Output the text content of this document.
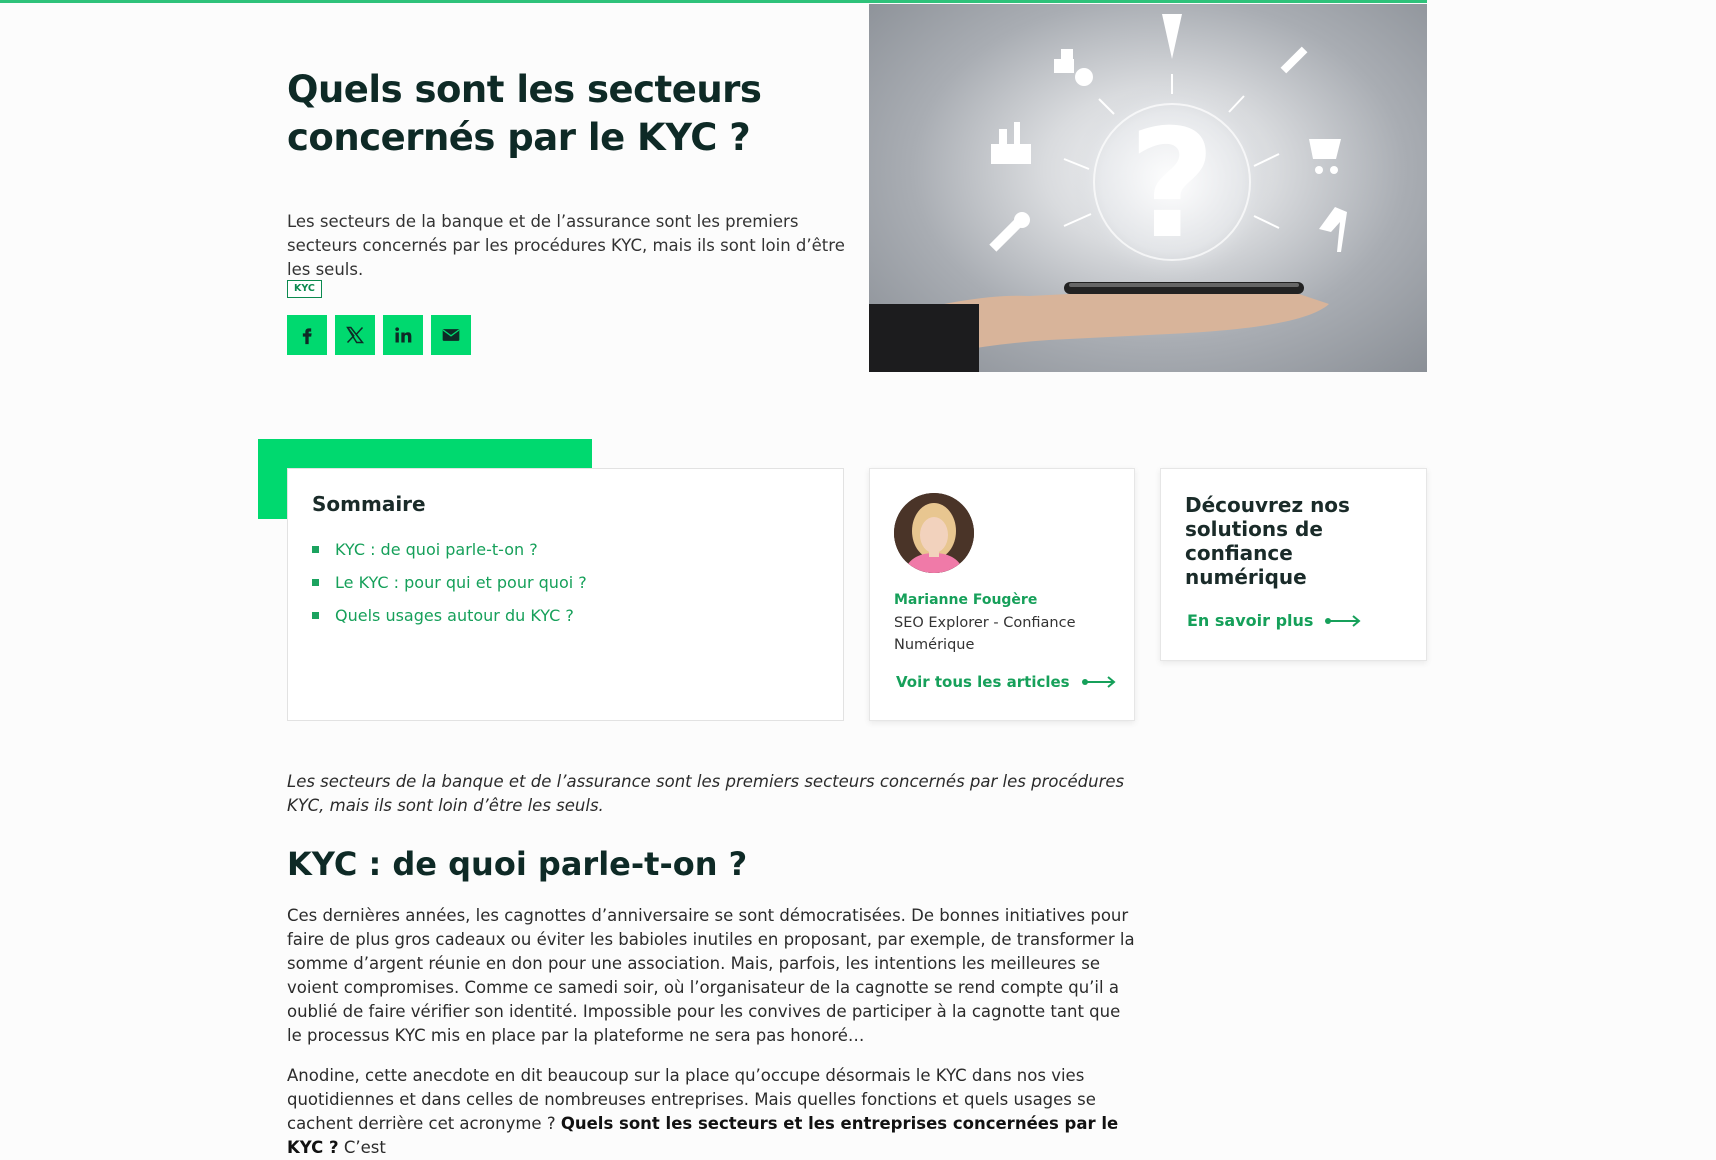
Quels sont les secteurs concernés par le KYC ?

Les secteurs de la banque et de l’assurance sont les premiers secteurs concernés par les procédures KYC, mais ils sont loin d’être les seuls.

KYC
?
Sommaire
KYC : de quoi parle-t-on ?
Le KYC : pour qui et pour quoi ?
Quels usages autour du KYC ?
Marianne Fougère
SEO Explorer - Confiance Numérique
Voir tous les articles
Découvrez nos solutions de confiance numérique
En savoir plus

Les secteurs de la banque et de l’assurance sont les premiers secteurs concernés par les procédures KYC, mais ils sont loin d’être les seuls.

KYC : de quoi parle-t-on ?

Ces dernières années, les cagnottes d’anniversaire se sont démocratisées. De bonnes initiatives pour faire de plus gros cadeaux ou éviter les babioles inutiles en proposant, par exemple, de transformer la somme d’argent réunie en don pour une association. Mais, parfois, les intentions les meilleures se voient compromises. Comme ce samedi soir, où l’organisateur de la cagnotte se rend compte qu’il a oublié de faire vérifier son identité. Impossible pour les convives de participer à la cagnotte tant que le processus KYC mis en place par la plateforme ne sera pas honoré…

Anodine, cette anecdote en dit beaucoup sur la place qu’occupe désormais le KYC dans nos vies quotidiennes et dans celles de nombreuses entreprises. Mais quelles fonctions et quels usages se cachent derrière cet acronyme ? Quels sont les secteurs et les entreprises concernées par le KYC ? C’est
